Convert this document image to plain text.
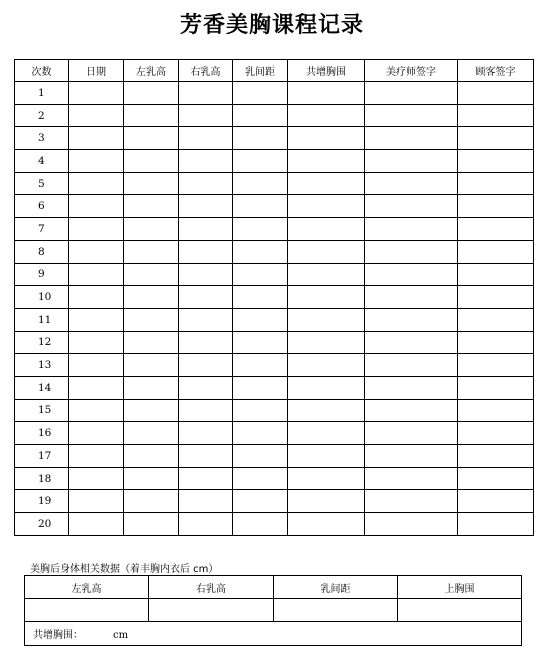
芳香美胸课程记录
次数	日期	左乳高	右乳高	乳间距	共增胸围	美疗师签字	顾客签字
1							
2							
3							
4							
5							
6							
7							
8							
9							
10							
11							
12							
13							
14							
15							
16							
17							
18							
19							
20							
美胸后身体相关数据（着丰胸内衣后 cm）
左乳高	右乳高	乳间距	上胸围

共增胸围： cm			
